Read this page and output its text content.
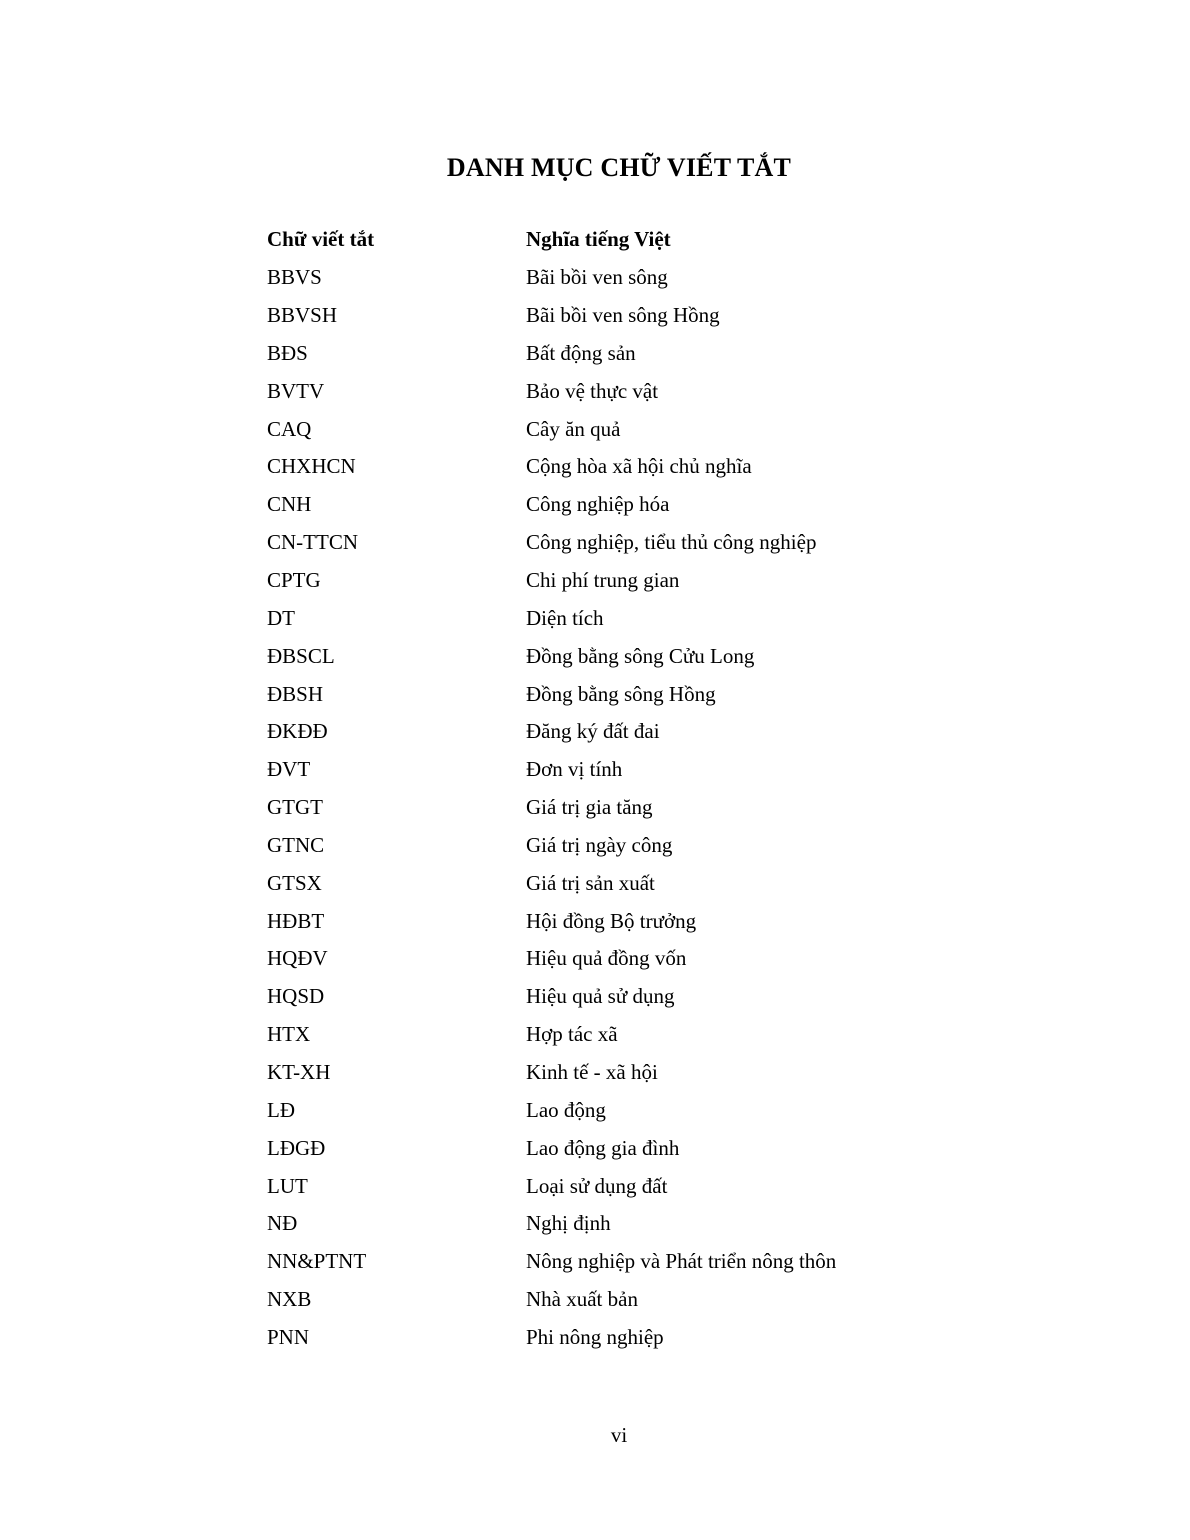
DANH MỤC CHỮ VIẾT TẮT
Chữ viết tắt	Nghĩa tiếng Việt
BBVS	Bãi bồi ven sông
BBVSH	Bãi bồi ven sông Hồng
BĐS	Bất động sản
BVTV	Bảo vệ thực vật
CAQ	Cây ăn quả
CHXHCN	Cộng hòa xã hội chủ nghĩa
CNH	Công nghiệp hóa
CN-TTCN	Công nghiệp, tiểu thủ công nghiệp
CPTG	Chi phí trung gian
DT	Diện tích
ĐBSCL	Đồng bằng sông Cửu Long
ĐBSH	Đồng bằng sông Hồng
ĐKĐĐ	Đăng ký đất đai
ĐVT	Đơn vị tính
GTGT	Giá trị gia tăng
GTNC	Giá trị ngày công
GTSX	Giá trị sản xuất
HĐBT	Hội đồng Bộ trưởng
HQĐV	Hiệu quả đồng vốn
HQSD	Hiệu quả sử dụng
HTX	Hợp tác xã
KT-XH	Kinh tế - xã hội
LĐ	Lao động
LĐGĐ	Lao động gia đình
LUT	Loại sử dụng đất
NĐ	Nghị định
NN&PTNT	Nông nghiệp và Phát triển nông thôn
NXB	Nhà xuất bản
PNN	Phi nông nghiệp
vi
